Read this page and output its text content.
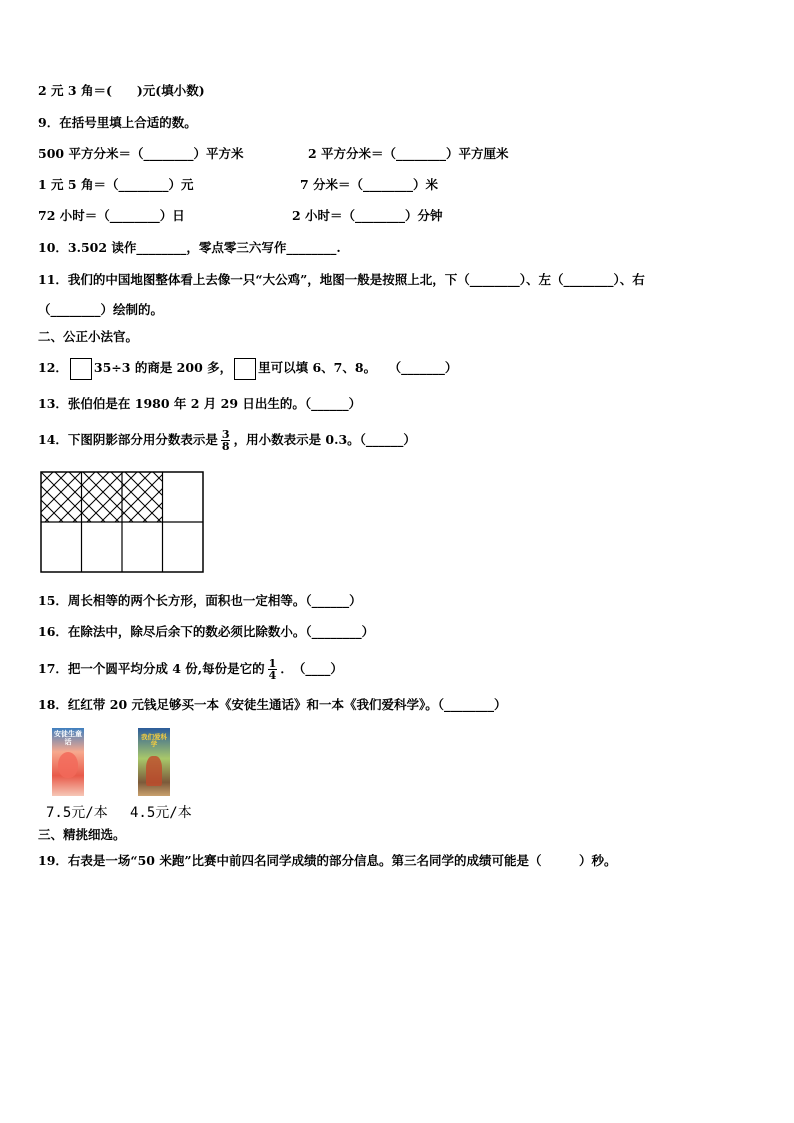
2 元 3 角＝(　　)元(填小数)
9．在括号里填上合适的数。
500 平方分米＝（________）平方米	2 平方分米＝（________）平方厘米
1 元 5 角＝（________）元	7 分米＝（________）米
72 小时＝（________）日	2 小时＝（________）分钟
10．3.502 读作________，零点零三六写作________.
11．我们的中国地图整体看上去像一只“大公鸡”，地图一般是按照上北，下（________）、左（________）、右
（________）绘制的。
二、公正小法官。
12． 35÷3 的商是 200 多， 里可以填 6、7、8。　　（_______）
13．张伯伯是在 1980 年 2 月 29 日出生的。（______）
14．下图阴影部分用分数表示是 $\frac{3}{8}$ ，用小数表示是 0.3。（______）
15．周长相等的两个长方形，面积也一定相等。（______）
16．在除法中，除尽后余下的数必须比除数小。（________）
17．把一个圆平均分成 4 份,每份是它的 $\frac{1}{4}$ ．　（____）
18．红红带 20 元钱足够买一本《安徒生通话》和一本《我们爱科学》。（________）
安徒生童话
我们爱科学
7.5元/本 4.5元/本
三、精挑细选。
19．右表是一场“50 米跑”比赛中前四名同学成绩的部分信息。第三名同学的成绩可能是（　　　）秒。
